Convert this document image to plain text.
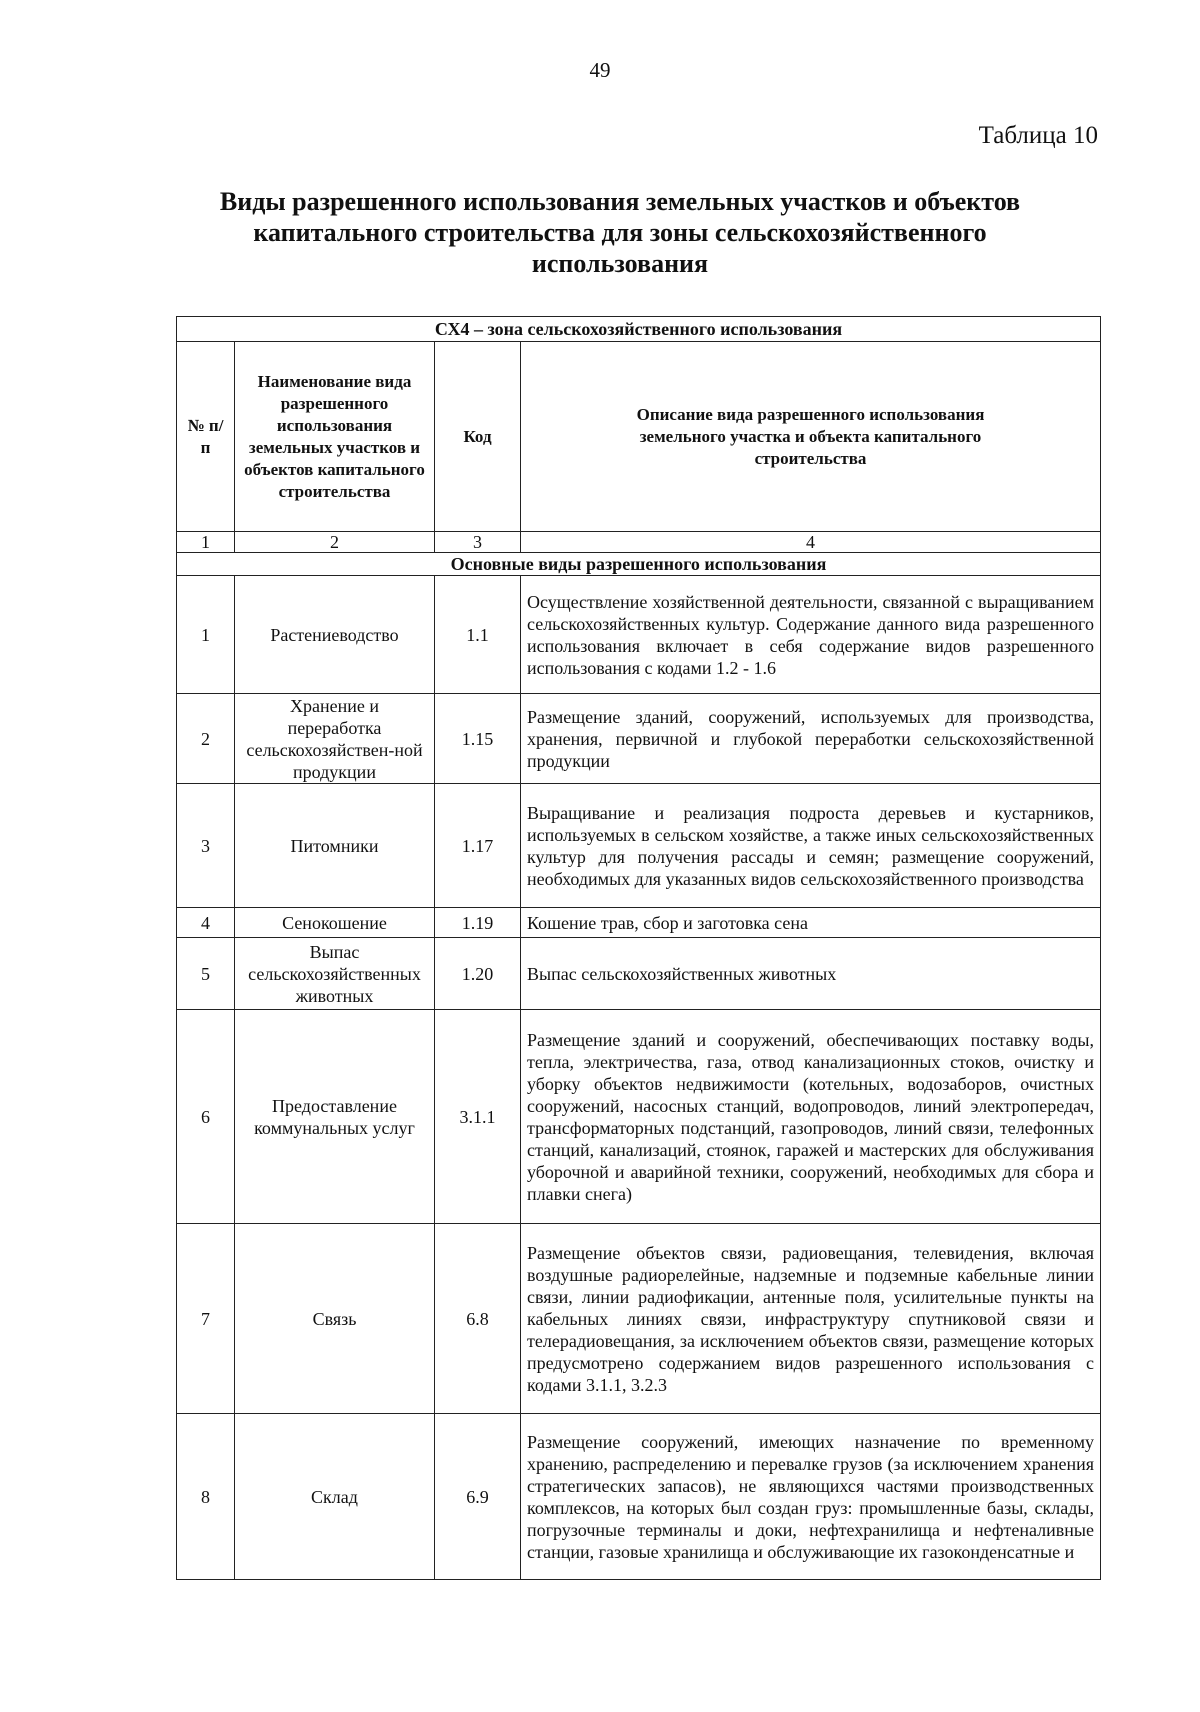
49
Таблица 10
Виды разрешенного использования земельных участков и объектов
капитального строительства для зоны сельскохозяйственного
использования
СХ4 – зона сельскохозяйственного использования			
№ п/п	Наименование вида разрешенного использования земельных участков и объектов капитального строительства	Код	Описание вида разрешенного использования земельного участка и объекта капитального строительства
1	2	3	4
Основные виды разрешенного использования			
1	Растениеводство	1.1	Осуществление хозяйственной деятельности, связанной с выращиванием сельскохозяйственных культур. Содержание данного вида разрешенного использования включает в себя содержание видов разрешенного использования с кодами 1.2 - 1.6
2	Хранение и переработка сельскохозяйствен-ной продукции	1.15	Размещение зданий, сооружений, используемых для производства, хранения, первичной и глубокой переработки сельскохозяйственной продукции
3	Питомники	1.17	Выращивание и реализация подроста деревьев и кустарников, используемых в сельском хозяйстве, а также иных сельскохозяйственных культур для получения рассады и семян; размещение сооружений, необходимых для указанных видов сельскохозяйственного производства
4	Сенокошение	1.19	Кошение трав, сбор и заготовка сена
5	Выпас сельскохозяйственных животных	1.20	Выпас сельскохозяйственных животных
6	Предоставление коммунальных услуг	3.1.1	Размещение зданий и сооружений, обеспечивающих поставку воды, тепла, электричества, газа, отвод канализационных стоков, очистку и уборку объектов недвижимости (котельных, водозаборов, очистных сооружений, насосных станций, водопроводов, линий электропередач, трансформаторных подстанций, газопроводов, линий связи, телефонных станций, канализаций, стоянок, гаражей и мастерских для обслуживания уборочной и аварийной техники, сооружений, необходимых для сбора и плавки снега)
7	Связь	6.8	Размещение объектов связи, радиовещания, телевидения, включая воздушные радиорелейные, надземные и подземные кабельные линии связи, линии радиофикации, антенные поля, усилительные пункты на кабельных линиях связи, инфраструктуру спутниковой связи и телерадиовещания, за исключением объектов связи, размещение которых предусмотрено содержанием видов разрешенного использования с кодами 3.1.1, 3.2.3
8	Склад	6.9	Размещение сооружений, имеющих назначение по временному хранению, распределению и перевалке грузов (за исключением хранения стратегических запасов), не являющихся частями производственных комплексов, на которых был создан груз: промышленные базы, склады, погрузочные терминалы и доки, нефтехранилища и нефтеналивные станции, газовые хранилища и обслуживающие их газоконденсатные и
